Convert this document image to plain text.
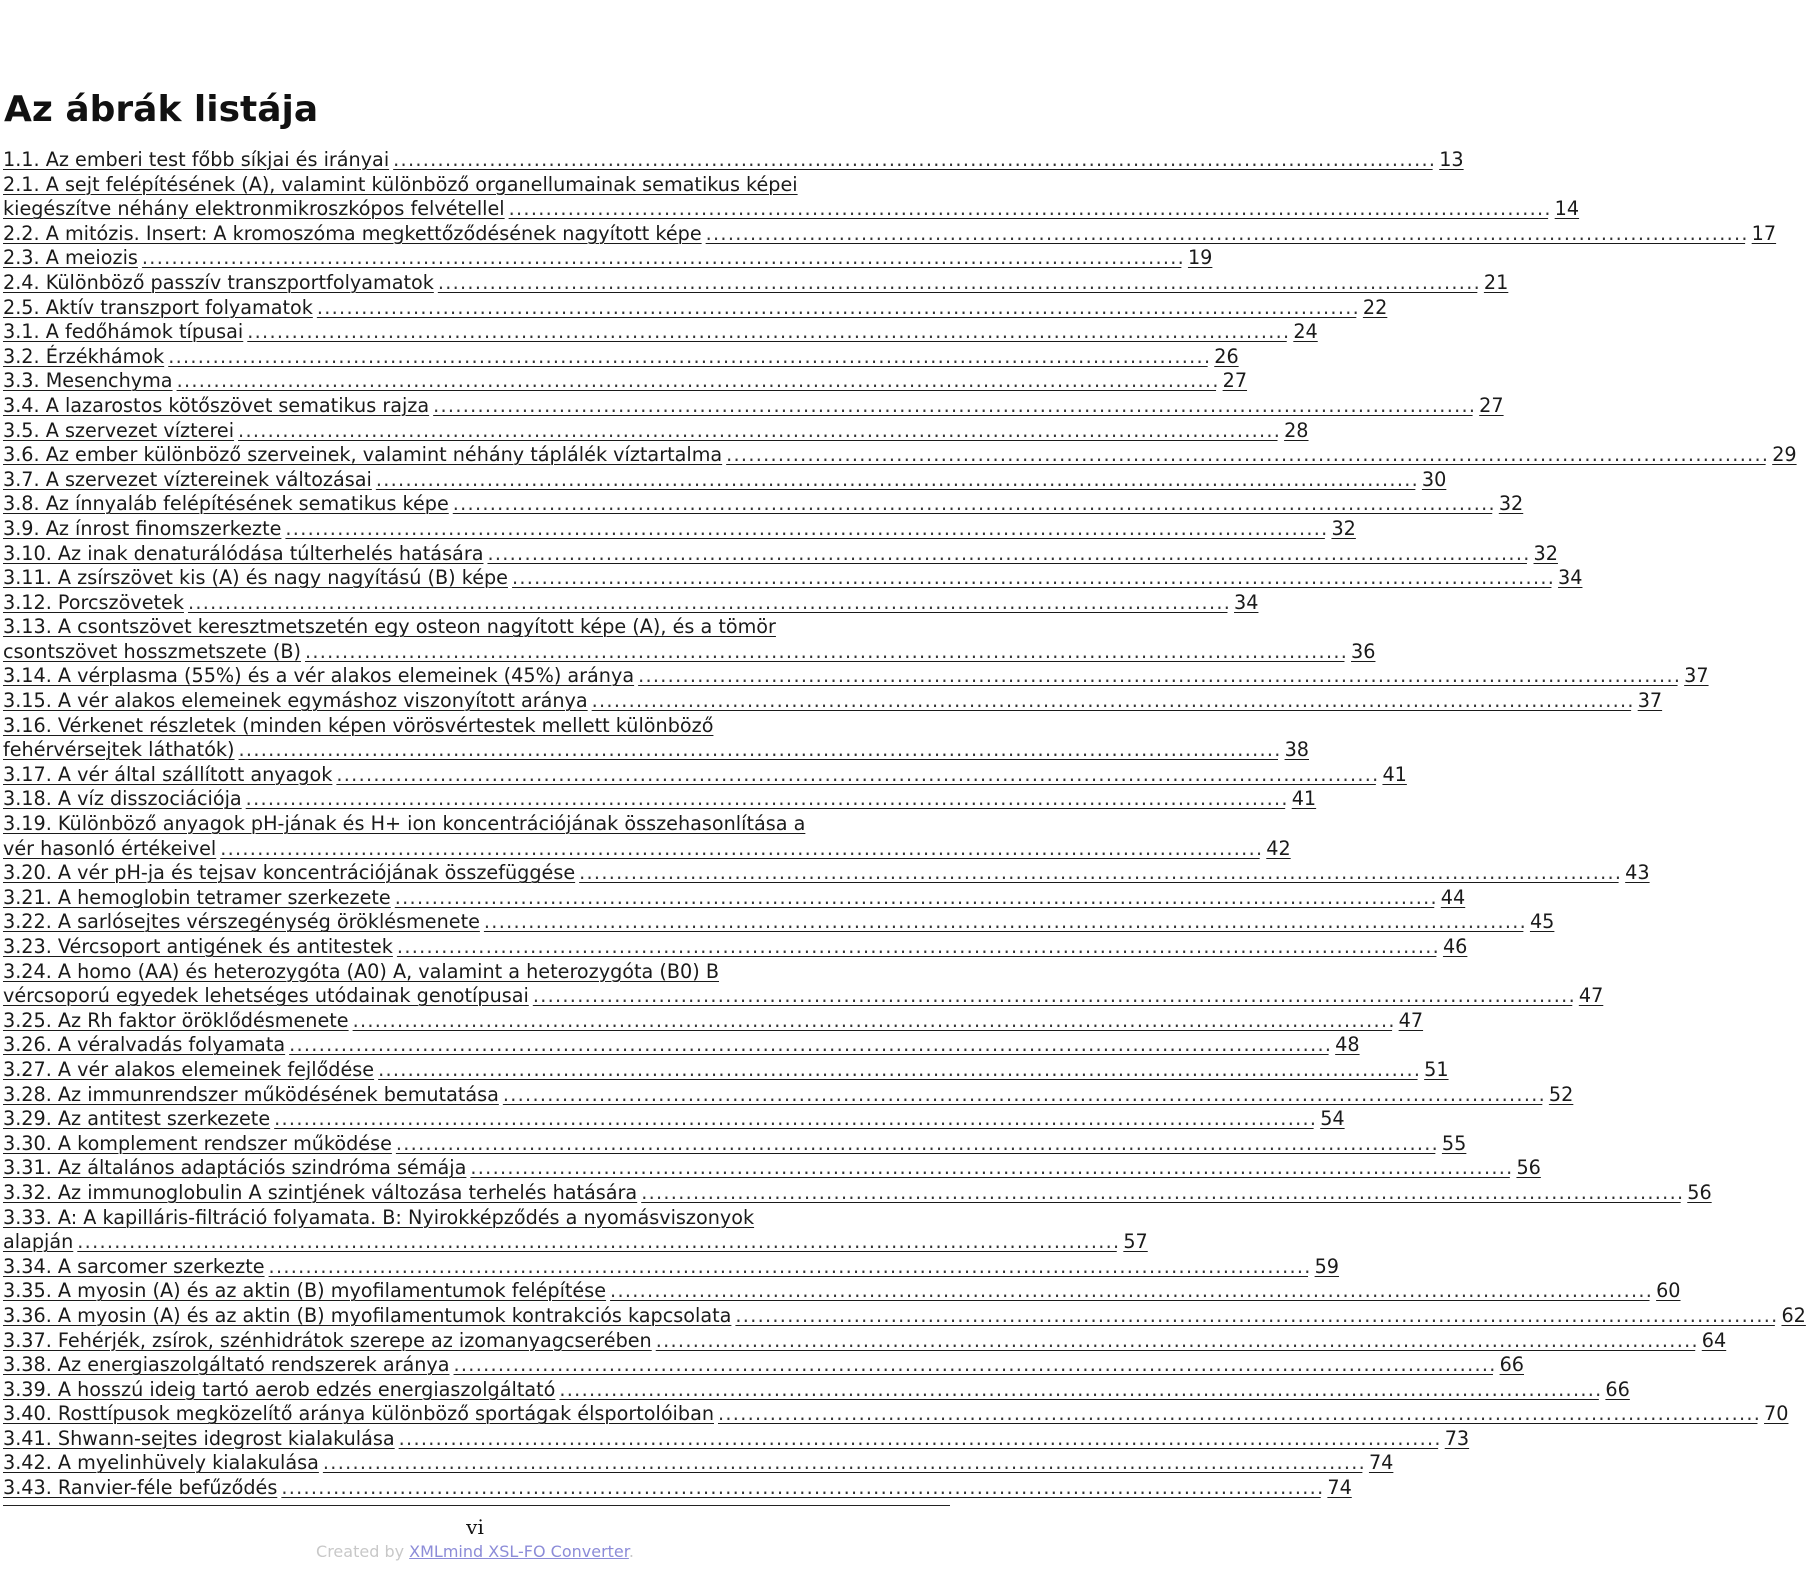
Az ábrák listája
1.1. Az emberi test főbb síkjai és irányai . . .	13
2.1. A sejt felépítésének (A), valamint különböző organellumainak sematikus képei
kiegészítve néhány elektronmikroszkópos felvétellel . . .	14
2.2. A mitózis. Insert: A kromoszóma megkettőződésének nagyított képe . . .	17
2.3. A meiozis . . .	19
2.4. Különböző passzív transzportfolyamatok . . .	21
2.5. Aktív transzport folyamatok . . .	22
3.1. A fedőhámok típusai . . .	24
3.2. Érzékhámok . . .	26
3.3. Mesenchyma . . .	27
3.4. A lazarostos kötőszövet sematikus rajza . . .	27
3.5. A szervezet vízterei . . .	28
3.6. Az ember különböző szerveinek, valamint néhány táplálék víztartalma . . .	29
3.7. A szervezet víztereinek változásai . . .	30
3.8. Az ínnyaláb felépítésének sematikus képe . . .	32
3.9. Az ínrost finomszerkezte . . .	32
3.10. Az inak denaturálódása túlterhelés hatására . . .	32
3.11. A zsírszövet kis (A) és nagy nagyítású (B) képe . . .	34
3.12. Porcszövetek . . .	34
3.13. A csontszövet keresztmetszetén egy osteon nagyított képe (A), és a tömör
csontszövet hosszmetszete (B) . . .	36
3.14. A vérplasma (55%) és a vér alakos elemeinek (45%) aránya . . .	37
3.15. A vér alakos elemeinek egymáshoz viszonyított aránya . . .	37
3.16. Vérkenet részletek (minden képen vörösvértestek mellett különböző
fehérvérsejtek láthatók) . . .	38
3.17. A vér által szállított anyagok . . .	41
3.18. A víz disszociációja . . .	41
3.19. Különböző anyagok pH-jának és H+ ion koncentrációjának összehasonlítása a
vér hasonló értékeivel . . .	42
3.20. A vér pH-ja és tejsav koncentrációjának összefüggése . . .	43
3.21. A hemoglobin tetramer szerkezete . . .	44
3.22. A sarlósejtes vérszegénység öröklésmenete . . .	45
3.23. Vércsoport antigének és antitestek . . .	46
3.24. A homo (AA) és heterozygóta (A0) A, valamint a heterozygóta (B0) B
vércsoporú egyedek lehetséges utódainak genotípusai . . .	47
3.25. Az Rh faktor öröklődésmenete . . .	47
3.26. A véralvadás folyamata . . .	48
3.27. A vér alakos elemeinek fejlődése . . .	51
3.28. Az immunrendszer működésének bemutatása . . .	52
3.29. Az antitest szerkezete . . .	54
3.30. A komplement rendszer működése . . .	55
3.31. Az általános adaptációs szindróma sémája . . .	56
3.32. Az immunoglobulin A szintjének változása terhelés hatására . . .	56
3.33. A: A kapilláris-filtráció folyamata. B: Nyirokképződés a nyomásviszonyok
alapján . . .	57
3.34. A sarcomer szerkezte . . .	59
3.35. A myosin (A) és az aktin (B) myofilamentumok felépítése . . .	60
3.36. A myosin (A) és az aktin (B) myofilamentumok kontrakciós kapcsolata . . .	62
3.37. Fehérjék, zsírok, szénhidrátok szerepe az izomanyagcserében . . .	64
3.38. Az energiaszolgáltató rendszerek aránya . . .	66
3.39. A hosszú ideig tartó aerob edzés energiaszolgáltató . . .	66
3.40. Rosttípusok megközelítő aránya különböző sportágak élsportolóiban . . .	70
3.41. Shwann-sejtes idegrost kialakulása . . .	73
3.42. A myelinhüvely kialakulása . . .	74
3.43. Ranvier-féle befűződés . . .	74
vi
Created by XMLmind XSL-FO Converter.
